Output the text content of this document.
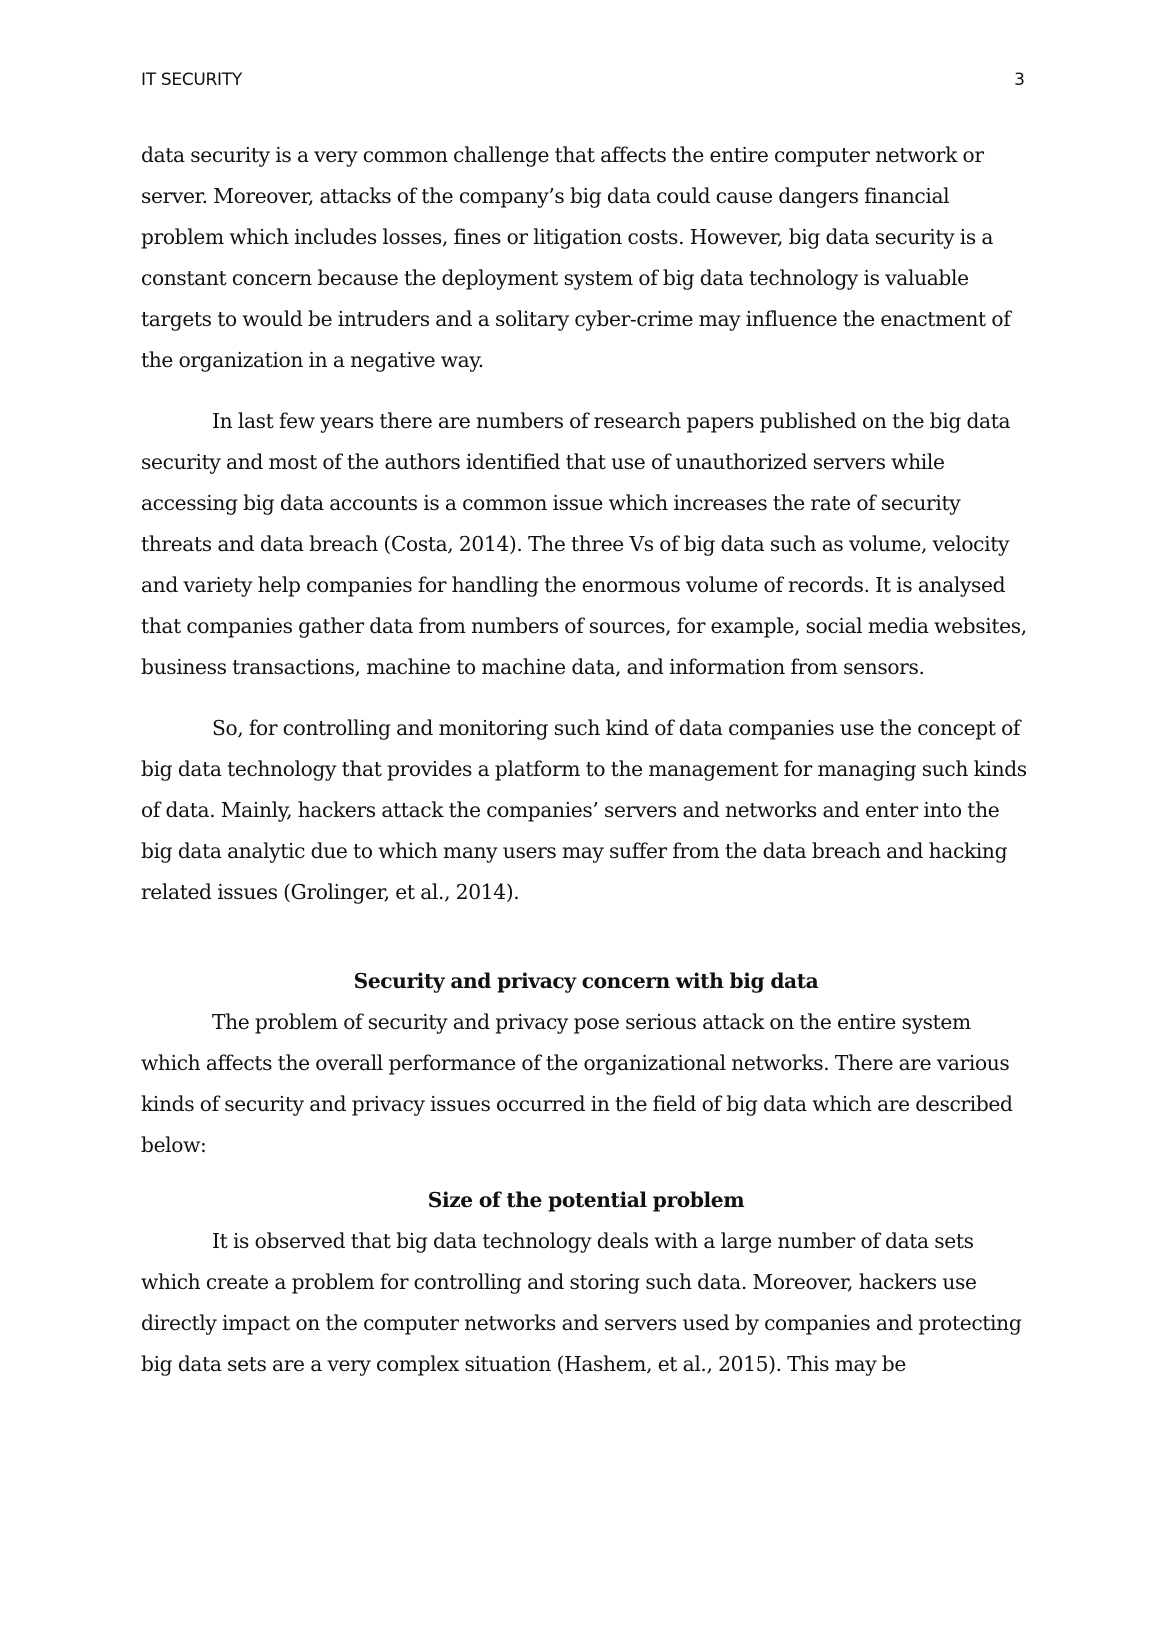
IT SECURITY	3

data security is a very common challenge that affects the entire computer network or server. Moreover, attacks of the company’s big data could cause dangers financial problem which includes losses, fines or litigation costs. However, big data security is a constant concern because the deployment system of big data technology is valuable targets to would be intruders and a solitary cyber-crime may influence the enactment of the organization in a negative way.

In last few years there are numbers of research papers published on the big data security and most of the authors identified that use of unauthorized servers while accessing big data accounts is a common issue which increases the rate of security threats and data breach (Costa, 2014). The three Vs of big data such as volume, velocity and variety help companies for handling the enormous volume of records. It is analysed that companies gather data from numbers of sources, for example, social media websites, business transactions, machine to machine data, and information from sensors.

So, for controlling and monitoring such kind of data companies use the concept of big data technology that provides a platform to the management for managing such kinds of data. Mainly, hackers attack the companies’ servers and networks and enter into the big data analytic due to which many users may suffer from the data breach and hacking related issues (Grolinger, et al., 2014).

Security and privacy concern with big data

The problem of security and privacy pose serious attack on the entire system which affects the overall performance of the organizational networks. There are various kinds of security and privacy issues occurred in the field of big data which are described below:

Size of the potential problem

It is observed that big data technology deals with a large number of data sets which create a problem for controlling and storing such data. Moreover, hackers use directly impact on the computer networks and servers used by companies and protecting big data sets are a very complex situation (Hashem, et al., 2015). This may be
